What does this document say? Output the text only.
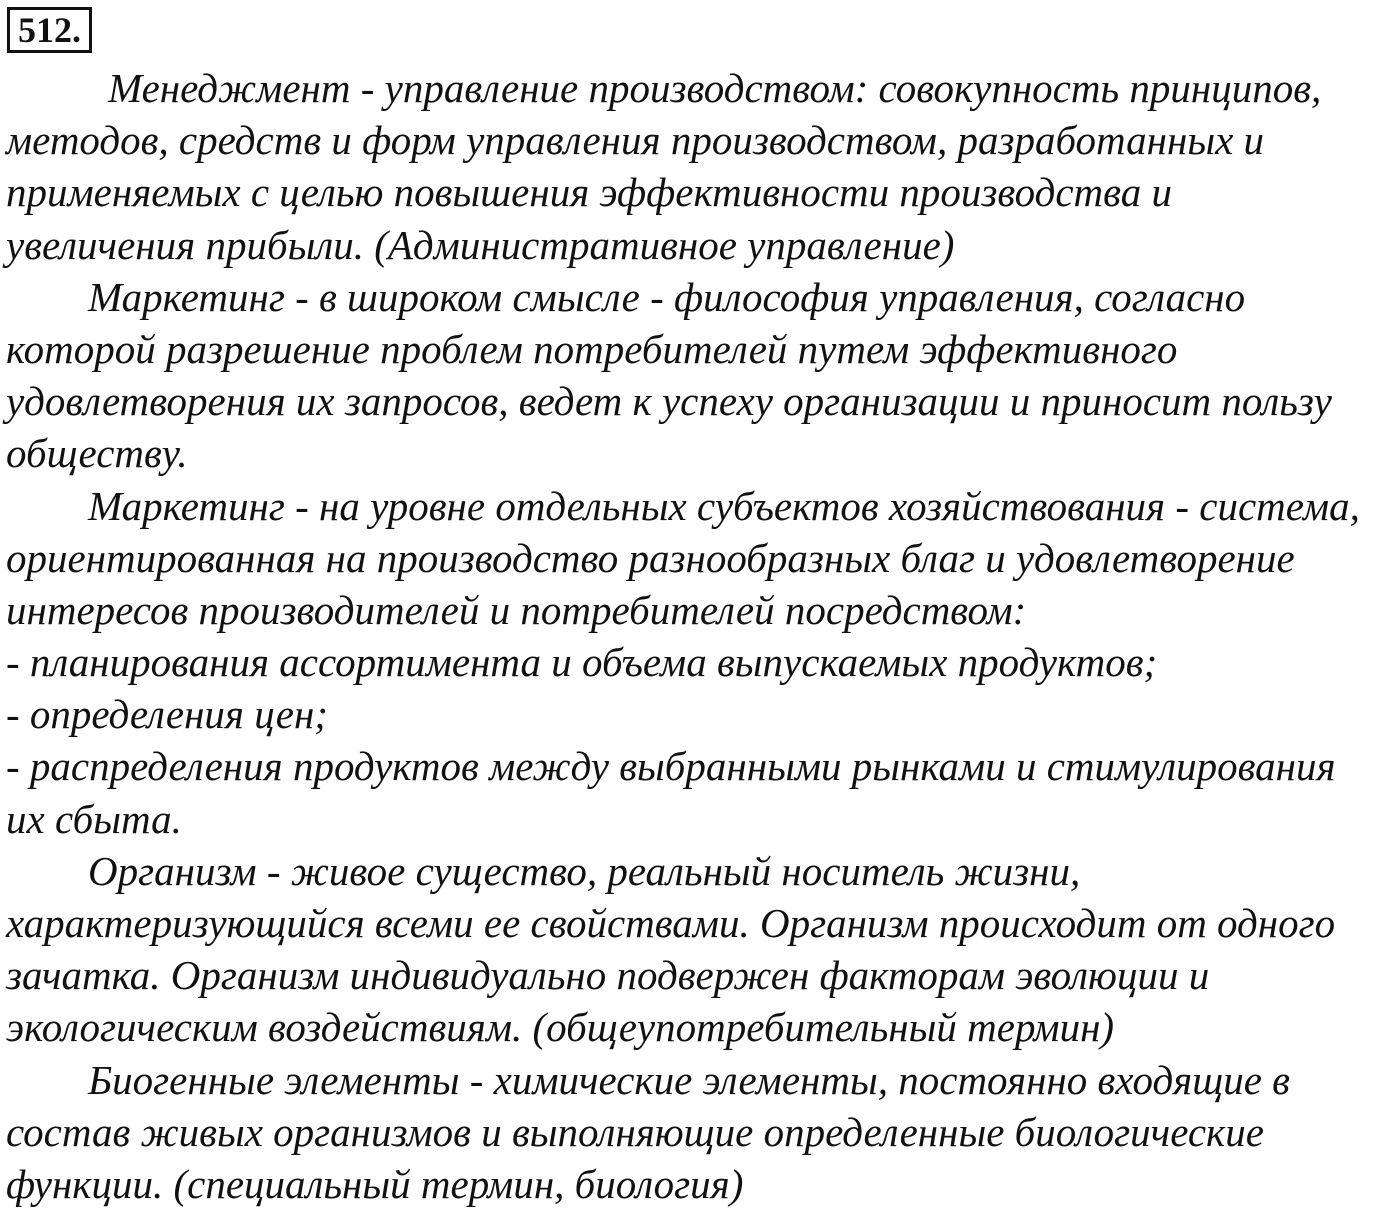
512.
Менеджмент - управление производством: совокупность принципов,
методов, средств и форм управления производством, разработанных и
применяемых с целью повышения эффективности производства и
увеличения прибыли. (Административное управление)
Маркетинг - в широком смысле - философия управления, согласно
которой разрешение проблем потребителей путем эффективного
удовлетворения их запросов, ведет к успеху организации и приносит пользу
обществу.
Маркетинг - на уровне отдельных субъектов хозяйствования - система,
ориентированная на производство разнообразных благ и удовлетворение
интересов производителей и потребителей посредством:
- планирования ассортимента и объема выпускаемых продуктов;
- определения цен;
- распределения продуктов между выбранными рынками и стимулирования
их сбыта.
Организм - живое существо, реальный носитель жизни,
характеризующийся всеми ее свойствами. Организм происходит от одного
зачатка. Организм индивидуально подвержен факторам эволюции и
экологическим воздействиям. (общеупотребительный термин)
Биогенные элементы - химические элементы, постоянно входящие в
состав живых организмов и выполняющие определенные биологические
функции. (специальный термин, биология)
